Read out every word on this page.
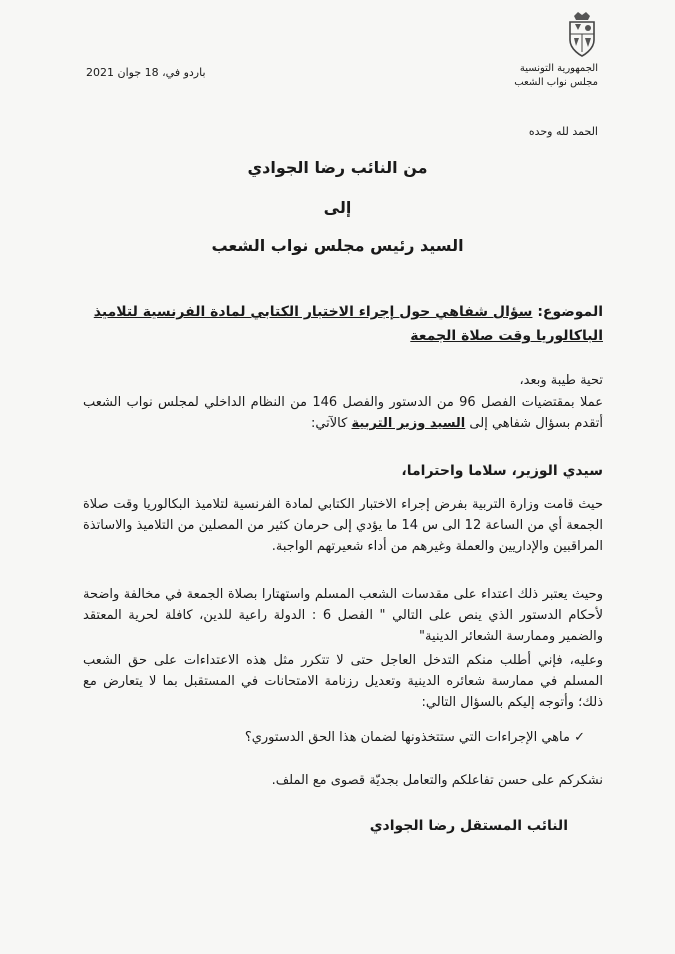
الجمهورية التونسية
مجلس نواب الشعب
باردو في، 18 جوان 2021
الحمد لله وحده
من النائب رضا الجوادي
إلى
السيد رئيس مجلس نواب الشعب
الموضوع: سؤال شفاهي حول إجراء الاختبار الكتابي لمادة الفرنسية لتلاميذ الباكالوريا وقت صلاة الجمعة
تحية طيبة وبعد،
عملا بمقتضيات الفصل 96 من الدستور والفصل 146 من النظام الداخلي لمجلس نواب الشعب أتقدم بسؤال شفاهي إلى السيد وزير التربية كالآتي:
سيدي الوزير، سلاما واحتراما،
حيث قامت وزارة التربية بفرض إجراء الاختبار الكتابي لمادة الفرنسية لتلاميذ البكالوريا وقت صلاة الجمعة أي من الساعة 12 الى س 14 ما يؤدي إلى حرمان كثير من المصلين من التلاميذ والاساتذة المراقبين والإداريين والعملة وغيرهم من أداء شعيرتهم الواجبة.
وحيث يعتبر ذلك اعتداء على مقدسات الشعب المسلم واستهتارا بصلاة الجمعة في مخالفة واضحة لأحكام الدستور الذي ينص على التالي " الفصل 6 : الدولة راعية للدين، كافلة لحرية المعتقد والضمير وممارسة الشعائر الدينية"
وعليه، فإني أطلب منكم التدخل العاجل حتى لا تتكرر مثل هذه الاعتداءات على حق الشعب المسلم في ممارسة شعائره الدينية وتعديل رزنامة الامتحانات في المستقبل بما لا يتعارض مع ذلك؛ وأتوجه إليكم بالسؤال التالي:
✓ ماهي الإجراءات التي ستتخذونها لضمان هذا الحق الدستوري؟
نشكركم على حسن تفاعلكم والتعامل بجديّة قصوى مع الملف.
النائب المستقل رضا الجوادي
